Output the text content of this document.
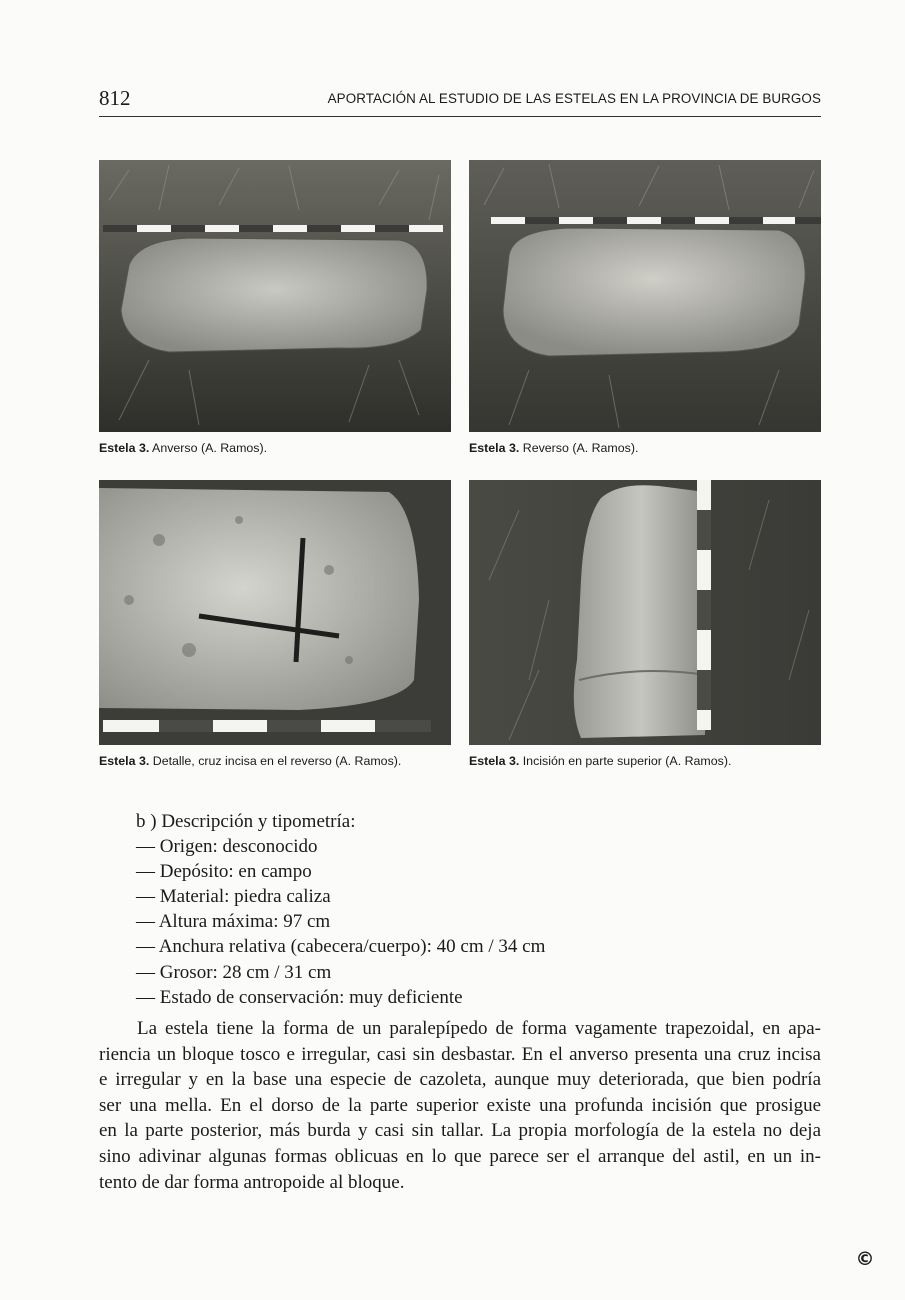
812	APORTACIÓN AL ESTUDIO DE LAS ESTELAS EN LA PROVINCIA DE BURGOS
Estela 3. Anverso (A. Ramos).	Estela 3. Reverso (A. Ramos).
Estela 3. Detalle, cruz incisa en el reverso (A. Ramos).	Estela 3. Incisión en parte superior (A. Ramos).
b ) Descripción y tipometría:
— Origen: desconocido
— Depósito: en campo
— Material: piedra caliza
— Altura máxima: 97 cm
— Anchura relativa (cabecera/cuerpo): 40 cm / 34 cm
— Grosor: 28 cm / 31 cm
— Estado de conservación: muy deficiente
La estela tiene la forma de un paralepípedo de forma vagamente trapezoidal, en apa-
riencia un bloque tosco e irregular, casi sin desbastar. En el anverso presenta una cruz incisa
e irregular y en la base una especie de cazoleta, aunque muy deteriorada, que bien podría
ser una mella. En el dorso de la parte superior existe una profunda incisión que prosigue
en la parte posterior, más burda y casi sin tallar. La propia morfología de la estela no deja
sino adivinar algunas formas oblicuas en lo que parece ser el arranque del astil, en un in-
tento de dar forma antropoide al bloque.
©
